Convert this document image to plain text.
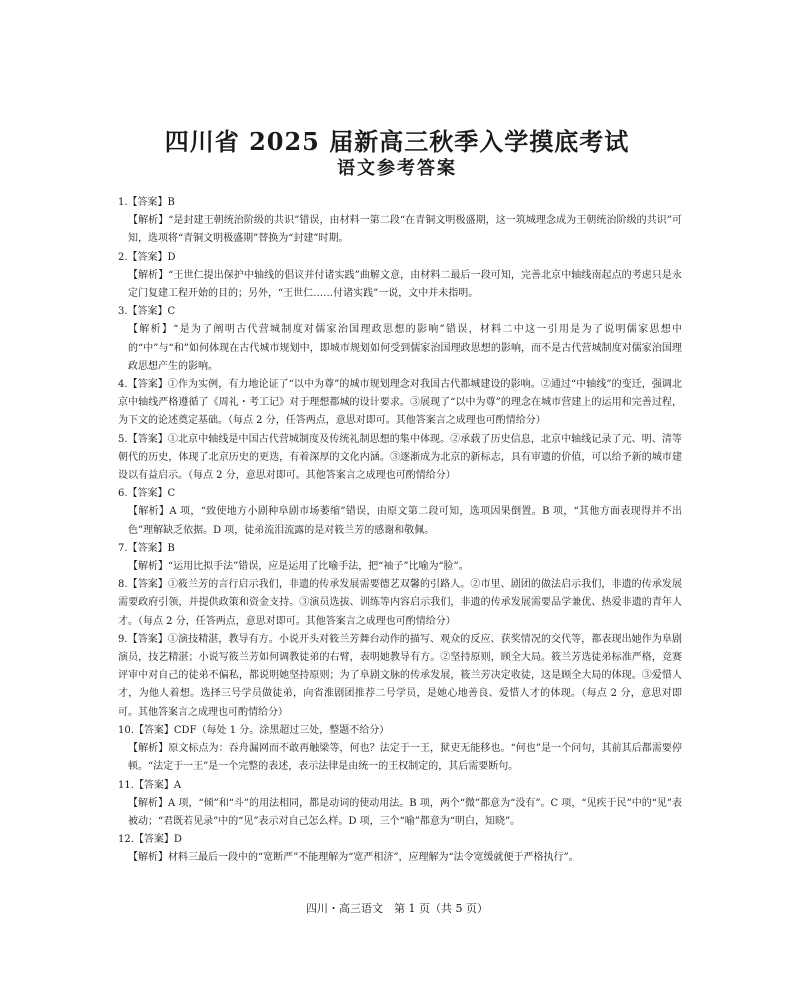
四川省 2025 届新高三秋季入学摸底考试
语文参考答案
1.【答案】B
【解析】“是封建王朝统治阶级的共识”错误，由材料一第二段“在青铜文明极盛期，这一筑城理念成为王朝统治阶级的共识”可知，选项将“青铜文明极盛期”替换为“封建”时期。
2.【答案】D
【解析】“王世仁提出保护中轴线的倡议并付诸实践”曲解文意，由材料二最后一段可知，完善北京中轴线南起点的考虑只是永定门复建工程开始的目的；另外，“王世仁……付诸实践”一说，文中并未指明。
3.【答案】C
【解析】“是为了阐明古代营城制度对儒家治国理政思想的影响”错误，材料二中这一引用是为了说明儒家思想中的“中”与“和”如何体现在古代城市规划中，即城市规划如何受到儒家治国理政思想的影响，而不是古代营城制度对儒家治国理政思想产生的影响。
4.【答案】①作为实例，有力地论证了“以中为尊”的城市规划理念对我国古代都城建设的影响。②通过“中轴线”的变迁，强调北京中轴线严格遵循了《周礼・考工记》对于理想都城的设计要求。③展现了“以中为尊”的理念在城市营建上的运用和完善过程，为下文的论述奠定基础。（每点 2 分，任答两点，意思对即可。其他答案言之成理也可酌情给分）
5.【答案】①北京中轴线是中国古代营城制度及传统礼制思想的集中体现。②承载了历史信息，北京中轴线记录了元、明、清等朝代的历史，体现了北京历史的更迭，有着深厚的文化内涵。③逐渐成为北京的新标志，具有审遗的价值，可以给予新的城市建设以有益启示。（每点 2 分，意思对即可。其他答案言之成理也可酌情给分）
6.【答案】C
【解析】A 项，“致使地方小剧种阜剧市场萎缩”错误，由原文第二段可知，选项因果倒置。B 项，“其他方面表现得并不出色”理解缺乏依据。D 项，徒弟流泪流露的是对筱兰芳的感谢和敬佩。
7.【答案】B
【解析】“运用比拟手法”错误，应是运用了比喻手法，把“袖子”比喻为“脸”。
8.【答案】①筱兰芳的言行启示我们，非遗的传承发展需要德艺双馨的引路人。②市里、剧团的做法启示我们，非遗的传承发展需要政府引领，并提供政策和资金支持。③演员选拔、训练等内容启示我们，非遗的传承发展需要品学兼优、热爱非遗的青年人才。（每点 2 分，任答两点，意思对即可。其他答案言之成理也可酌情给分）
9.【答案】①演技精湛，教导有方。小说开头对筱兰芳舞台动作的描写、观众的反应、获奖情况的交代等，都表现出她作为阜剧演员，技艺精湛；小说写筱兰芳如何调教徒弟的右臂，表明她教导有方。②坚持原则，顾全大局。筱兰芳选徒弟标准严格，竞赛评审中对自己的徒弟不偏私，都说明她坚持原则；为了阜剧文脉的传承发展，筱兰芳决定收徒，这是顾全大局的体现。③爱惜人才，为他人着想。选择三号学员做徒弟，向省淮剧团推荐二号学员，是她心地善良、爱惜人才的体现。（每点 2 分，意思对即可。其他答案言之成理也可酌情给分）
10.【答案】CDF（每处 1 分。涂黑超过三处，整题不给分）
【解析】原文标点为：吞舟漏网而不敢再触梁等，何也？法定于一王，狱吏无能移也。“何也”是一个问句，其前其后都需要停顿。“法定于一王”是一个完整的表述，表示法律是由统一的王权制定的，其后需要断句。
11.【答案】A
【解析】A 项，“倾”和“斗”的用法相同，都是动词的使动用法。B 项，两个“微”都意为“没有”。C 项，“见疾于民”中的“见”表被动；“君既若见录”中的“见”表示对自己怎么样。D 项，三个“喻”都意为“明白，知晓”。
12.【答案】D
【解析】材料三最后一段中的“宽断严”不能理解为“宽严相济”，应理解为“法令宽缓就便于严格执行”。
四川・高三语文　第 1 页（共 5 页）
